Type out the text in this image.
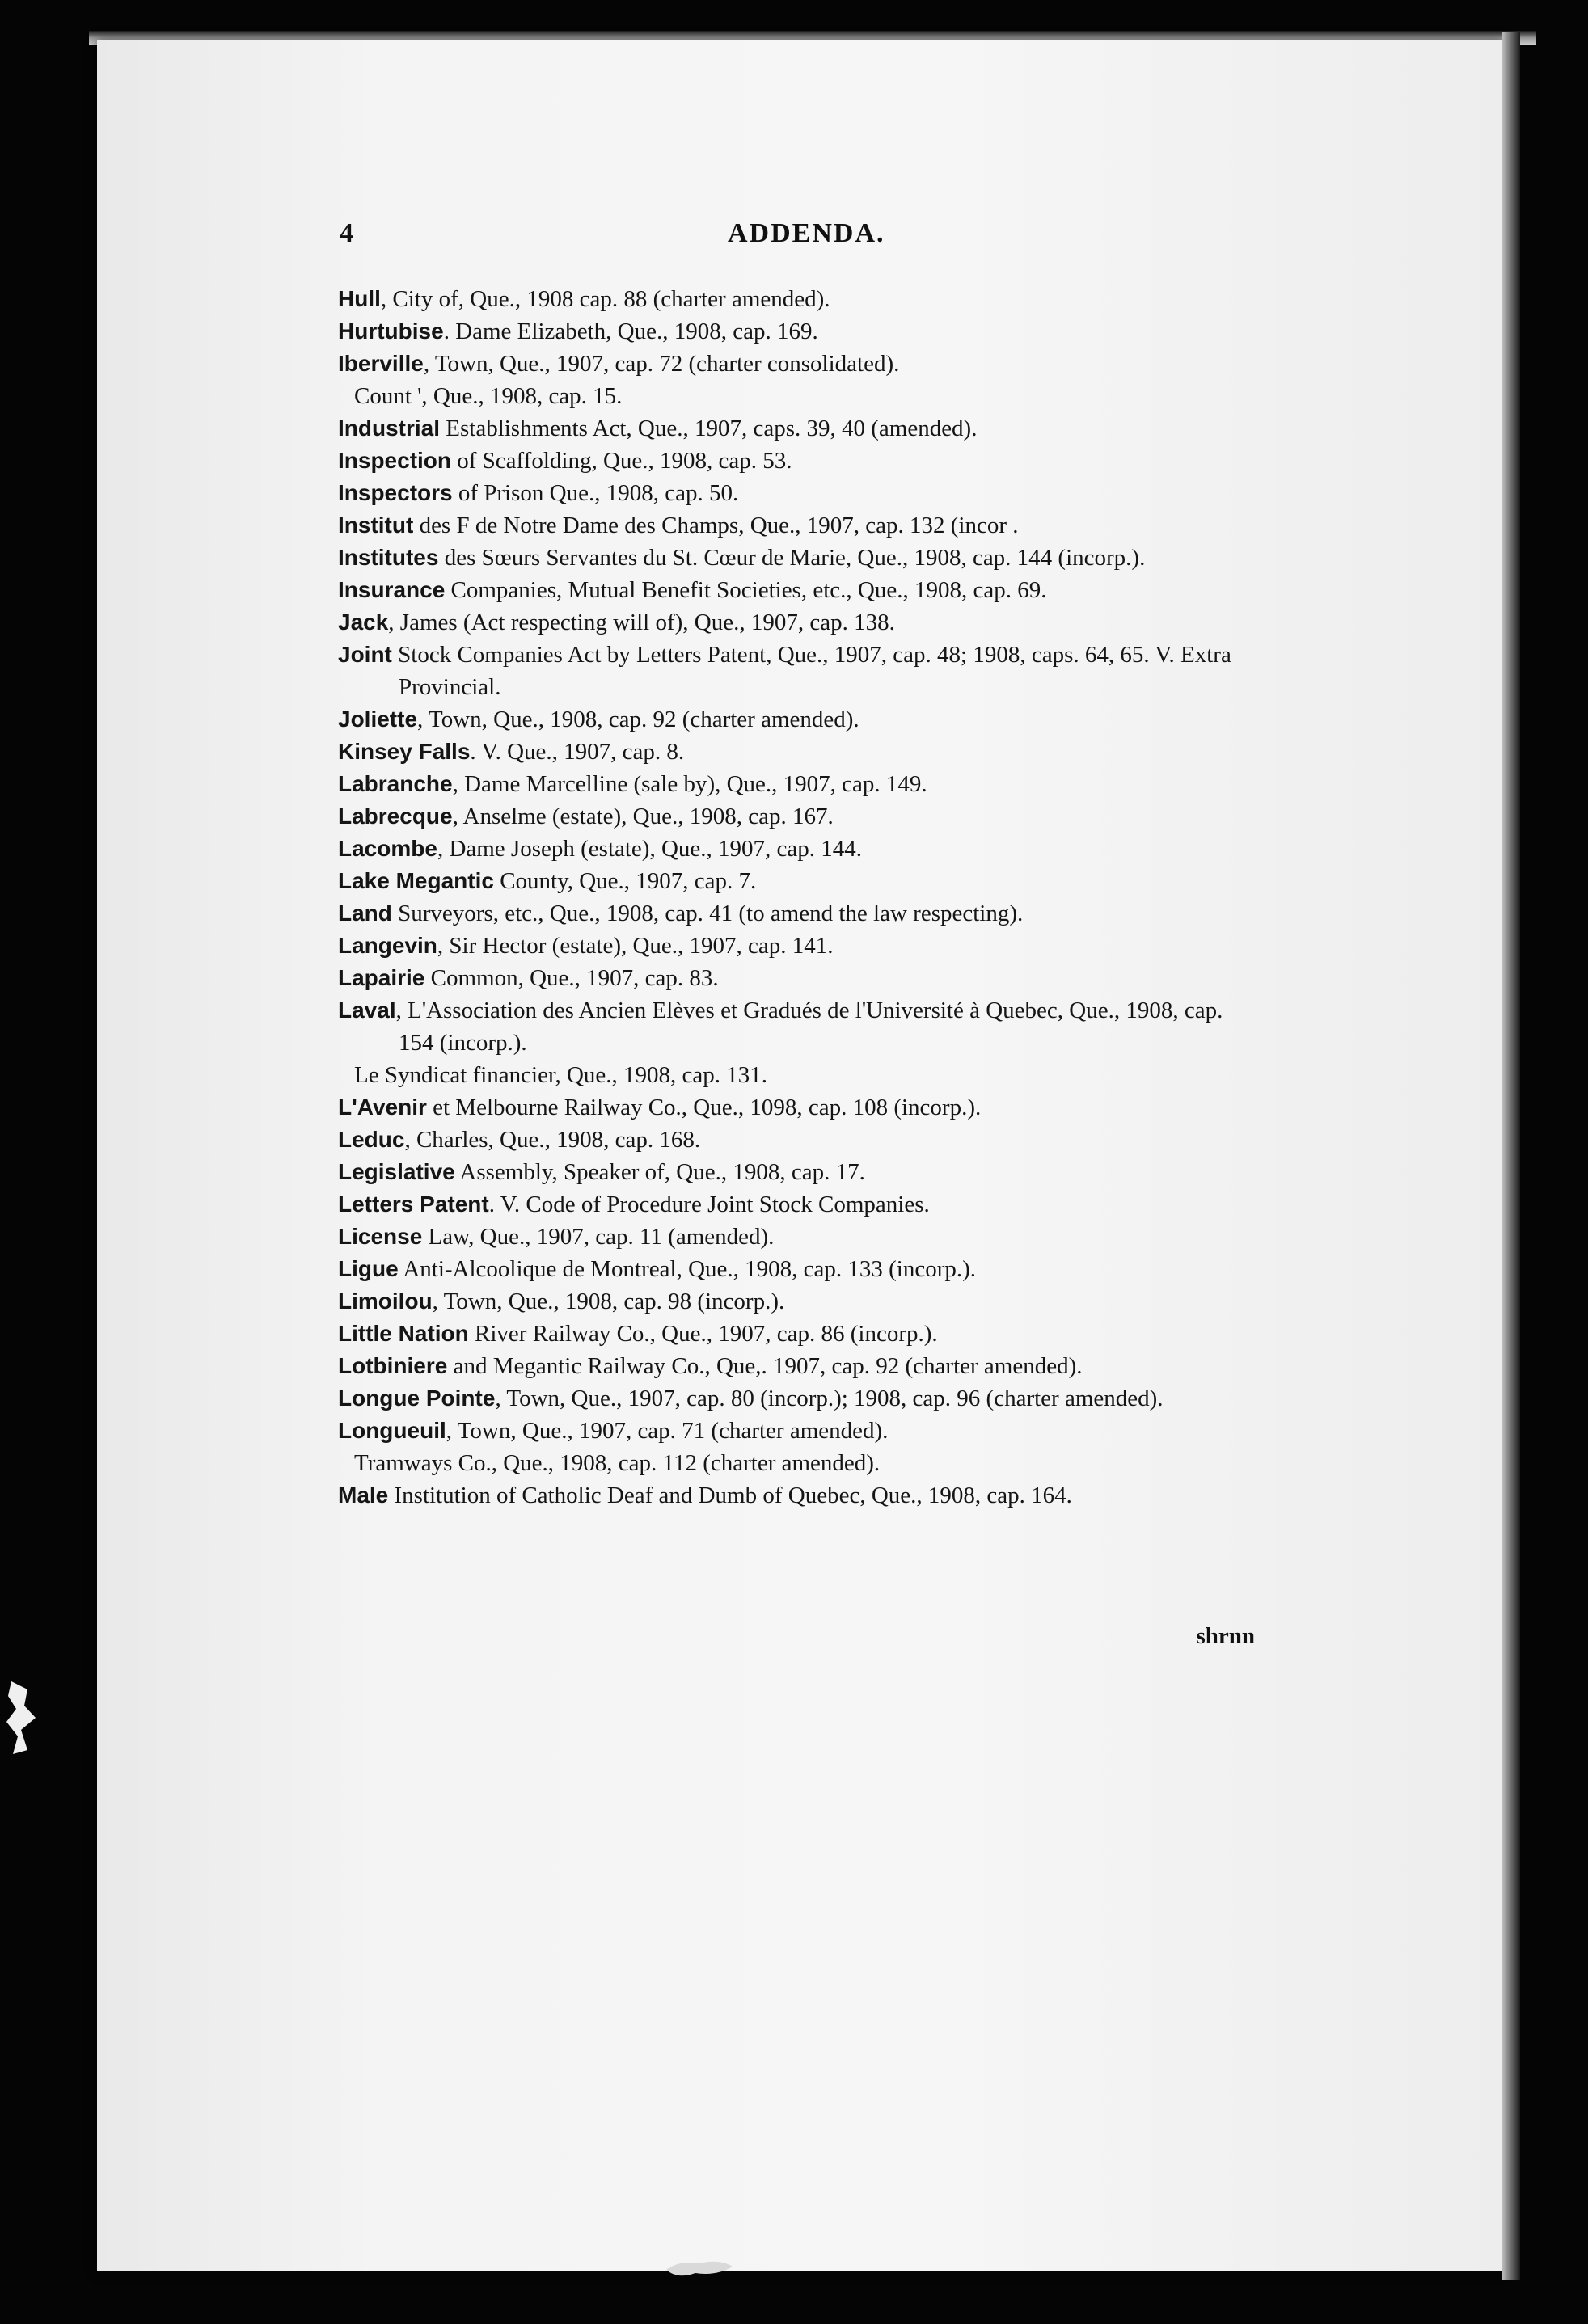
4	ADDENDA.
Hull, City of, Que., 1908 cap. 88 (charter amended).
Hurtubise. Dame Elizabeth, Que., 1908, cap. 169.
Iberville, Town, Que., 1907, cap. 72 (charter consolidated).
Count ', Que., 1908, cap. 15.
Industrial Establishments Act, Que., 1907, caps. 39, 40 (amended).
Inspection of Scaffolding, Que., 1908, cap. 53.
Inspectors of Prison Que., 1908, cap. 50.
Institut des F de Notre Dame des Champs, Que., 1907, cap. 132 (incor .
Institutes des Sœurs Servantes du St. Cœur de Marie, Que., 1908, cap. 144 (incorp.).
Insurance Companies, Mutual Benefit Societies, etc., Que., 1908, cap. 69.
Jack, James (Act respecting will of), Que., 1907, cap. 138.
Joint Stock Companies Act by Letters Patent, Que., 1907, cap. 48; 1908, caps. 64, 65. V. Extra Provincial.
Joliette, Town, Que., 1908, cap. 92 (charter amended).
Kinsey Falls. V. Que., 1907, cap. 8.
Labranche, Dame Marcelline (sale by), Que., 1907, cap. 149.
Labrecque, Anselme (estate), Que., 1908, cap. 167.
Lacombe, Dame Joseph (estate), Que., 1907, cap. 144.
Lake Megantic County, Que., 1907, cap. 7.
Land Surveyors, etc., Que., 1908, cap. 41 (to amend the law respecting).
Langevin, Sir Hector (estate), Que., 1907, cap. 141.
Lapairie Common, Que., 1907, cap. 83.
Laval, L'Association des Ancien Elèves et Gradués de l'Université à Quebec, Que., 1908, cap. 154 (incorp.).
Le Syndicat financier, Que., 1908, cap. 131.
L'Avenir et Melbourne Railway Co., Que., 1098, cap. 108 (incorp.).
Leduc, Charles, Que., 1908, cap. 168.
Legislative Assembly, Speaker of, Que., 1908, cap. 17.
Letters Patent. V. Code of Procedure Joint Stock Companies.
License Law, Que., 1907, cap. 11 (amended).
Ligue Anti-Alcoolique de Montreal, Que., 1908, cap. 133 (incorp.).
Limoilou, Town, Que., 1908, cap. 98 (incorp.).
Little Nation River Railway Co., Que., 1907, cap. 86 (incorp.).
Lotbiniere and Megantic Railway Co., Que,. 1907, cap. 92 (charter amended).
Longue Pointe, Town, Que., 1907, cap. 80 (incorp.); 1908, cap. 96 (charter amended).
Longueuil, Town, Que., 1907, cap. 71 (charter amended).
Tramways Co., Que., 1908, cap. 112 (charter amended).
Male Institution of Catholic Deaf and Dumb of Quebec, Que., 1908, cap. 164.
shrnn
